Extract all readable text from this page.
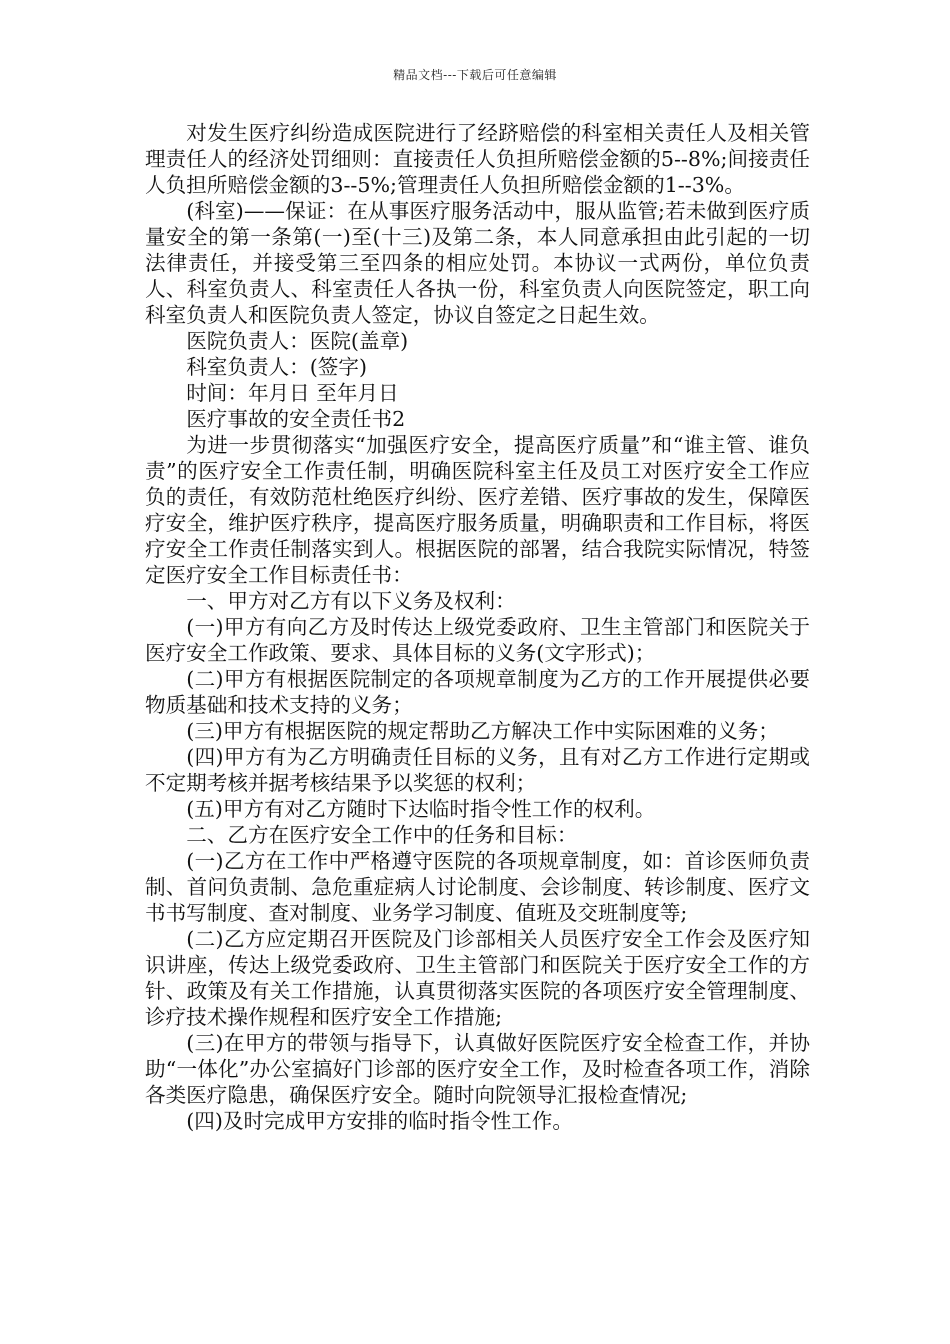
精品文档---下载后可任意编辑

对发生医疗纠纷造成医院进行了经跻赔偿的科室相关责任人及相关管理责任人的经济处罚细则：直接责任人负担所赔偿金额的5--8%;间接责任人负担所赔偿金额的3--5%;管理责任人负担所赔偿金额的1--3%。

(科室)——保证：在从事医疗服务活动中，服从监管;若未做到医疗质量安全的第一条第(一)至(十三)及第二条，本人同意承担由此引起的一切法律责任，并接受第三至四条的相应处罚。本协议一式两份，单位负责人、科室负责人、科室责任人各执一份，科室负责人向医院签定，职工向科室负责人和医院负责人签定，协议自签定之日起生效。

医院负责人：医院(盖章)

科室负责人：(签字)

时间：年月日 至年月日

医疗事故的安全责任书2

为进一步贯彻落实“加强医疗安全，提高医疗质量”和“谁主管、谁负责”的医疗安全工作责任制，明确医院科室主任及员工对医疗安全工作应负的责任，有效防范杜绝医疗纠纷、医疗差错、医疗事故的发生，保障医疗安全，维护医疗秩序，提高医疗服务质量，明确职责和工作目标，将医疗安全工作责任制落实到人。根据医院的部署，结合我院实际情况，特签定医疗安全工作目标责任书：

一、甲方对乙方有以下义务及权利：

(一)甲方有向乙方及时传达上级党委政府、卫生主管部门和医院关于医疗安全工作政策、要求、具体目标的义务(文字形式)；

(二)甲方有根据医院制定的各项规章制度为乙方的工作开展提供必要物质基础和技术支持的义务；

(三)甲方有根据医院的规定帮助乙方解决工作中实际困难的义务；

(四)甲方有为乙方明确责任目标的义务，且有对乙方工作进行定期或不定期考核并据考核结果予以奖惩的权利；

(五)甲方有对乙方随时下达临时指令性工作的权利。

二、乙方在医疗安全工作中的任务和目标：

(一)乙方在工作中严格遵守医院的各项规章制度，如：首诊医师负责制、首问负责制、急危重症病人讨论制度、会诊制度、转诊制度、医疗文书书写制度、查对制度、业务学习制度、值班及交班制度等;

(二)乙方应定期召开医院及门诊部相关人员医疗安全工作会及医疗知识讲座，传达上级党委政府、卫生主管部门和医院关于医疗安全工作的方针、政策及有关工作措施，认真贯彻落实医院的各项医疗安全管理制度、诊疗技术操作规程和医疗安全工作措施;

(三)在甲方的带领与指导下，认真做好医院医疗安全检查工作，并协助“一体化”办公室搞好门诊部的医疗安全工作，及时检查各项工作，消除各类医疗隐患，确保医疗安全。随时向院领导汇报检查情况;

(四)及时完成甲方安排的临时指令性工作。
